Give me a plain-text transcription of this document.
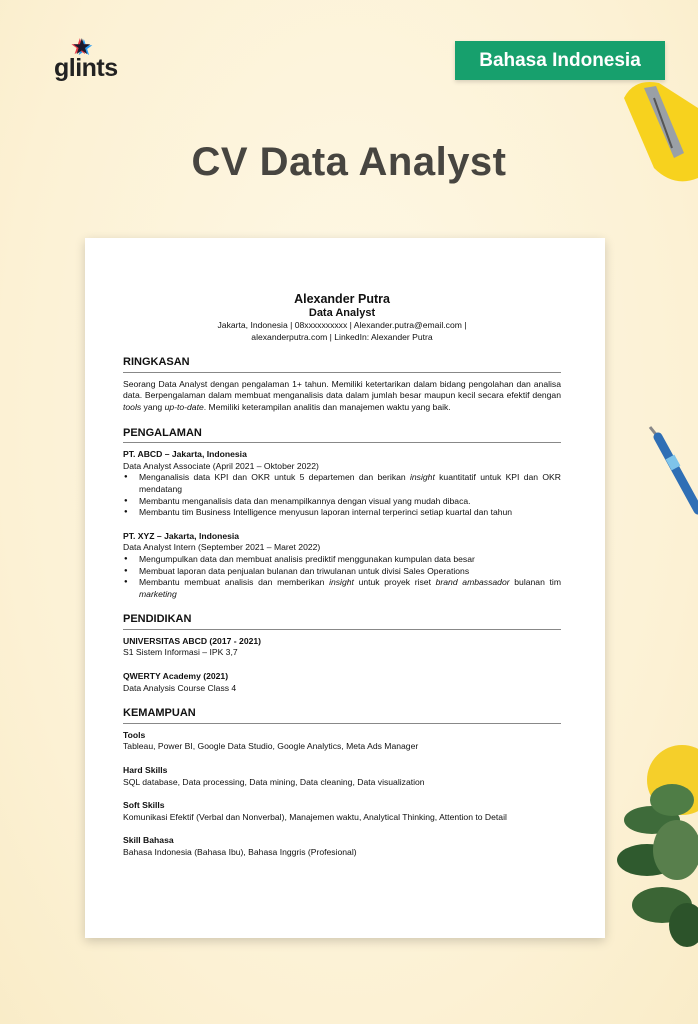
★
glints	Bahasa Indonesia
CV Data Analyst
Alexander Putra
Data Analyst
Jakarta, Indonesia | 08xxxxxxxxxx | Alexander.putra@email.com |
alexanderputra.com | LinkedIn: Alexander Putra
RINGKASAN
Seorang Data Analyst dengan pengalaman 1+ tahun. Memiliki ketertarikan dalam bidang pengolahan dan analisa data. Berpengalaman dalam membuat menganalisis data dalam jumlah besar maupun kecil secara efektif dengan tools yang up-to-date. Memiliki keterampilan analitis dan manajemen waktu yang baik.
PENGALAMAN
PT. ABCD – Jakarta, Indonesia
Data Analyst Associate (April 2021 – Oktober 2022)
● Menganalisis data KPI dan OKR untuk 5 departemen dan berikan insight kuantitatif untuk KPI dan OKR mendatang
● Membantu menganalisis data dan menampilkannya dengan visual yang mudah dibaca.
● Membantu tim Business Intelligence menyusun laporan internal terperinci setiap kuartal dan tahun
PT. XYZ – Jakarta, Indonesia
Data Analyst Intern (September 2021 – Maret 2022)
● Mengumpulkan data dan membuat analisis prediktif menggunakan kumpulan data besar
● Membuat laporan data penjualan bulanan dan triwulanan untuk divisi Sales Operations
● Membantu membuat analisis dan memberikan insight untuk proyek riset brand ambassador bulanan tim marketing
PENDIDIKAN
UNIVERSITAS ABCD (2017 - 2021)
S1 Sistem Informasi – IPK 3,7
QWERTY Academy (2021)
Data Analysis Course Class 4
KEMAMPUAN
Tools
Tableau, Power BI, Google Data Studio, Google Analytics, Meta Ads Manager
Hard Skills
SQL database, Data processing, Data mining, Data cleaning, Data visualization
Soft Skills
Komunikasi Efektif (Verbal dan Nonverbal), Manajemen waktu, Analytical Thinking, Attention to Detail
Skill Bahasa
Bahasa Indonesia (Bahasa Ibu), Bahasa Inggris (Profesional)
